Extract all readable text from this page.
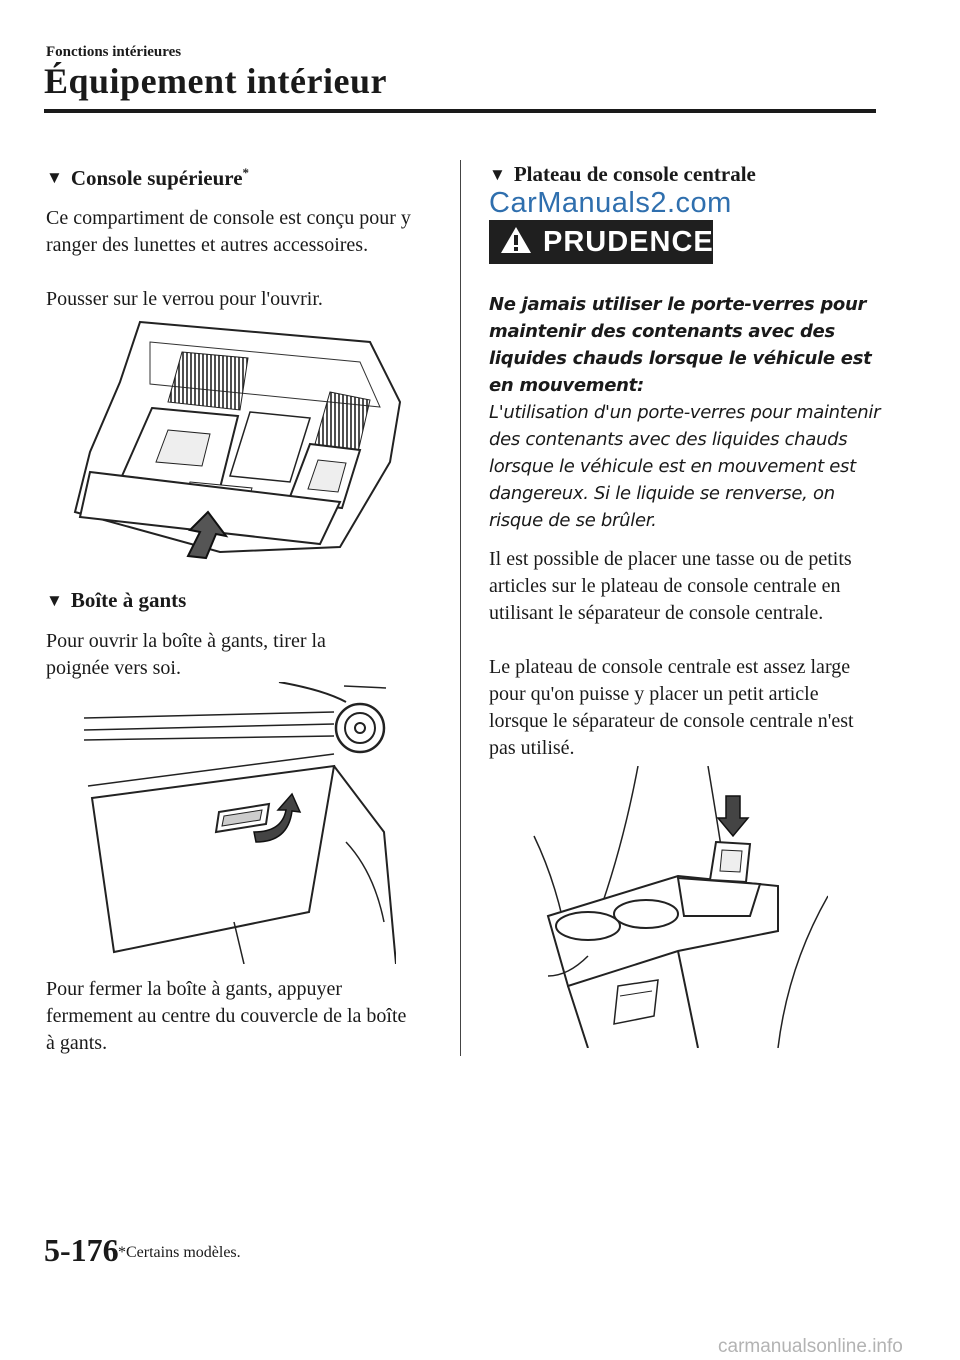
Fonctions intérieures
Équipement intérieur
▼ Console supérieure*
Ce compartiment de console est conçu pour y ranger des lunettes et autres accessoires.
Pousser sur le verrou pour l'ouvrir.
▼ Boîte à gants
Pour ouvrir la boîte à gants, tirer la poignée vers soi.
Pour fermer la boîte à gants, appuyer fermement au centre du couvercle de la boîte à gants.
▼ Plateau de console centrale
CarManuals2.com
PRUDENCE
Ne jamais utiliser le porte-verres pour maintenir des contenants avec des liquides chauds lorsque le véhicule est en mouvement:
L'utilisation d'un porte-verres pour maintenir des contenants avec des liquides chauds lorsque le véhicule est en mouvement est dangereux. Si le liquide se renverse, on risque de se brûler.
Il est possible de placer une tasse ou de petits articles sur le plateau de console centrale en utilisant le séparateur de console centrale.
Le plateau de console centrale est assez large pour qu'on puisse y placer un petit article lorsque le séparateur de console centrale n'est pas utilisé.
5-176 *Certains modèles.
carmanualsonline.info
